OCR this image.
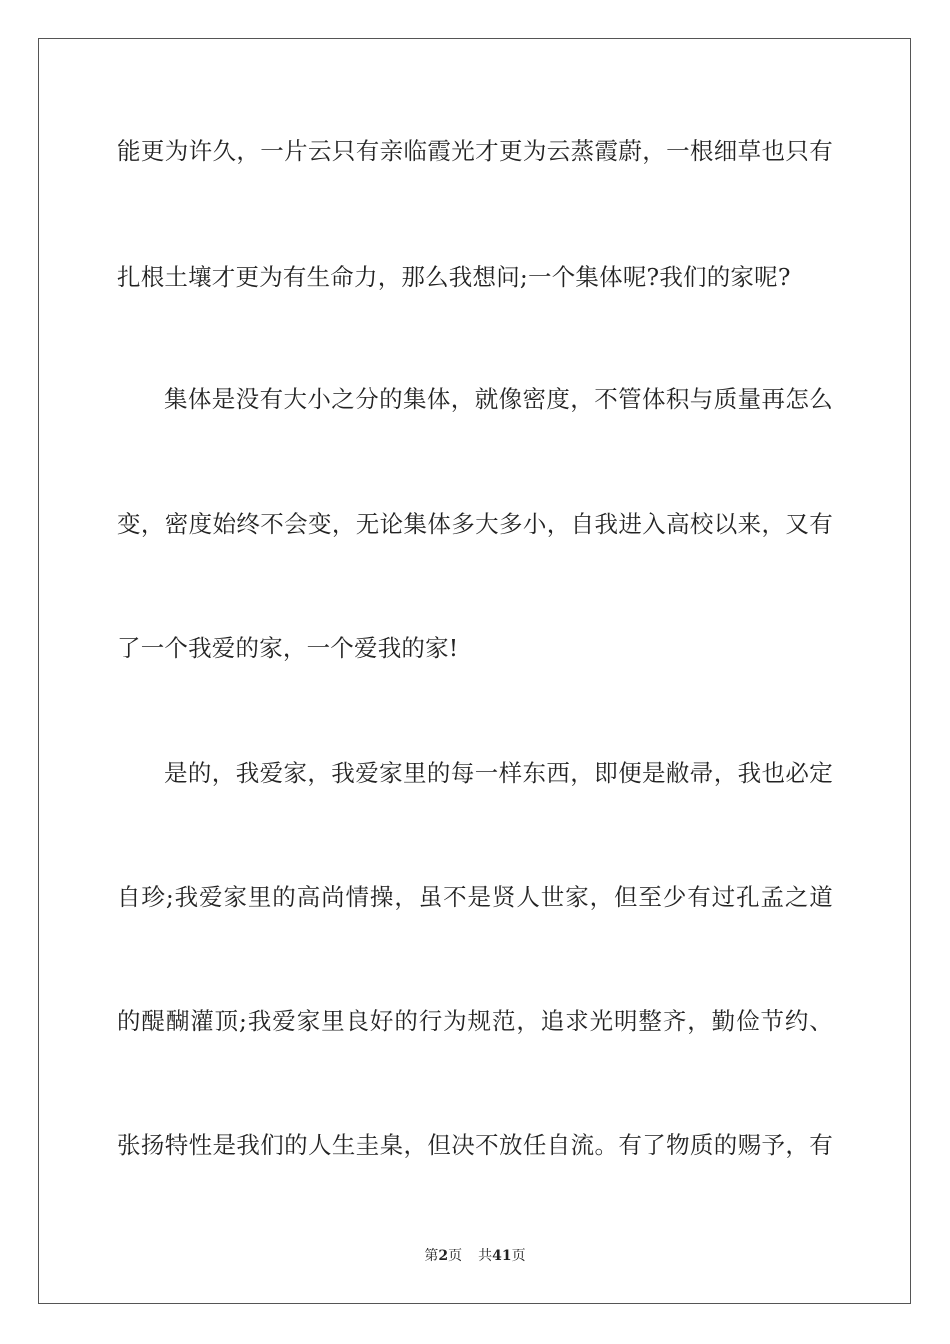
能更为许久，一片云只有亲临霞光才更为云蒸霞蔚，一根细草也只有
扎根土壤才更为有生命力，那么我想问;一个集体呢?我们的家呢?
集体是没有大小之分的集体，就像密度，不管体积与质量再怎么
变，密度始终不会变，无论集体多大多小，自我进入高校以来，又有
了一个我爱的家，一个爱我的家!
是的，我爱家，我爱家里的每一样东西，即便是敝帚，我也必定
自珍;我爱家里的高尚情操，虽不是贤人世家，但至少有过孔孟之道
的醍醐灌顶;我爱家里良好的行为规范，追求光明整齐，勤俭节约、
张扬特性是我们的人生圭臬，但决不放任自流。有了物质的赐予，有
第2页 共41页
